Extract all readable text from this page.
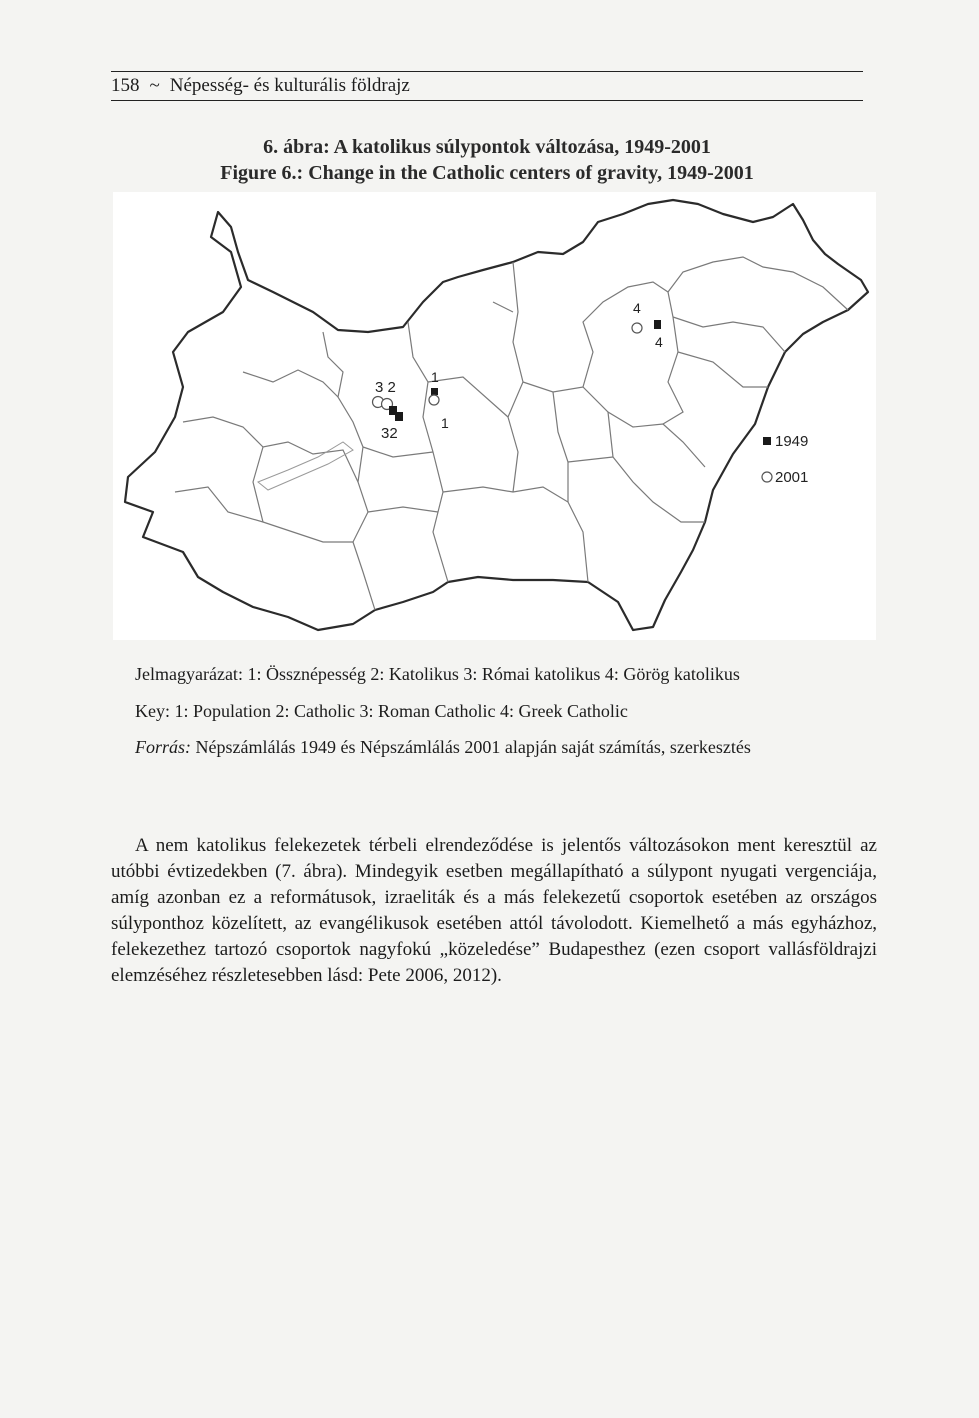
158 ~ Népesség- és kulturális földrajz
6. ábra: A katolikus súlypontok változása, 1949-2001
Figure 6.: Change in the Catholic centers of gravity, 1949-2001
3 2
32
1
1
4
4
1949
2001
Jelmagyarázat: 1: Össznépesség 2: Katolikus 3: Római katolikus 4: Görög katolikus
Key: 1: Population 2: Catholic 3: Roman Catholic 4: Greek Catholic
Forrás: Népszámlálás 1949 és Népszámlálás 2001 alapján saját számítás, szerkesztés
A nem katolikus felekezetek térbeli elrendeződése is jelentős változásokon ment keresztül az utóbbi évtizedekben (7. ábra). Mindegyik esetben megállapítható a súlypont nyugati vergenciája, amíg azonban ez a reformátusok, izraeliták és a más felekezetű csoportok esetében az országos súlyponthoz közelített, az evangélikusok esetében attól távolodott. Kiemelhető a más egyházhoz, felekezethez tartozó csoportok nagyfokú „közeledése” Budapesthez (ezen csoport vallásföldrajzi elemzéséhez részletesebben lásd: Pete 2006, 2012).
